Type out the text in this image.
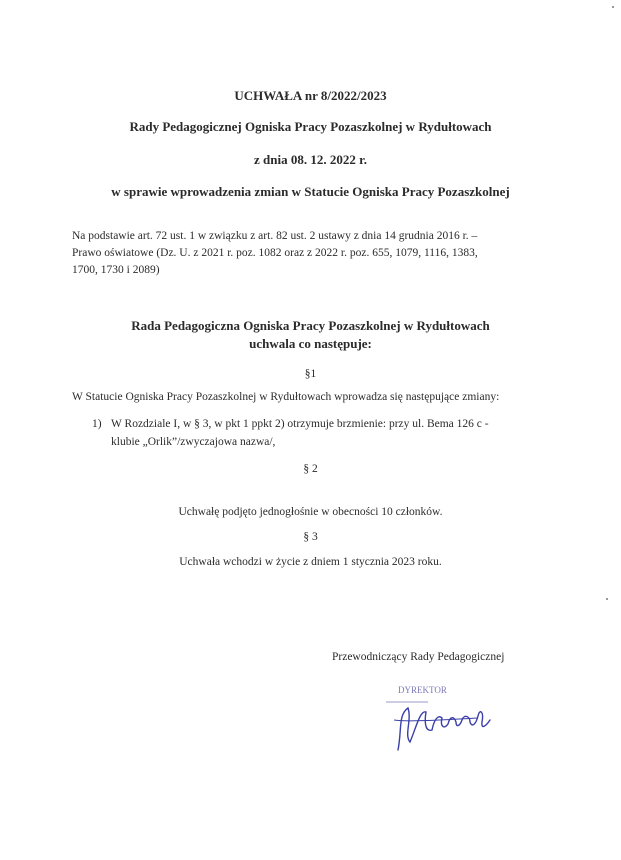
UCHWAŁA nr 8/2022/2023
Rady Pedagogicznej Ogniska Pracy Pozaszkolnej w Rydułtowach
z dnia 08. 12. 2022 r.
w sprawie wprowadzenia zmian w Statucie Ogniska Pracy Pozaszkolnej
Na podstawie art. 72 ust. 1 w związku z art. 82 ust. 2 ustawy z dnia 14 grudnia 2016 r. –
Prawo oświatowe (Dz. U. z 2021 r. poz. 1082 oraz z 2022 r. poz. 655, 1079, 1116, 1383,
1700, 1730 i 2089)
Rada Pedagogiczna Ogniska Pracy Pozaszkolnej w Rydułtowach
uchwala co następuje:
§1
W Statucie Ogniska Pracy Pozaszkolnej w Rydułtowach wprowadza się następujące zmiany:
1) W Rozdziale I, w § 3, w pkt 1 ppkt 2) otrzymuje brzmienie: przy ul. Bema 126 c -
klubie „Orlik”/zwyczajowa nazwa/,
§ 2
Uchwałę podjęto jednogłośnie w obecności 10 członków.
§ 3
Uchwała wchodzi w życie z dniem 1 stycznia 2023 roku.
Przewodniczący Rady Pedagogicznej
DYREKTOR
